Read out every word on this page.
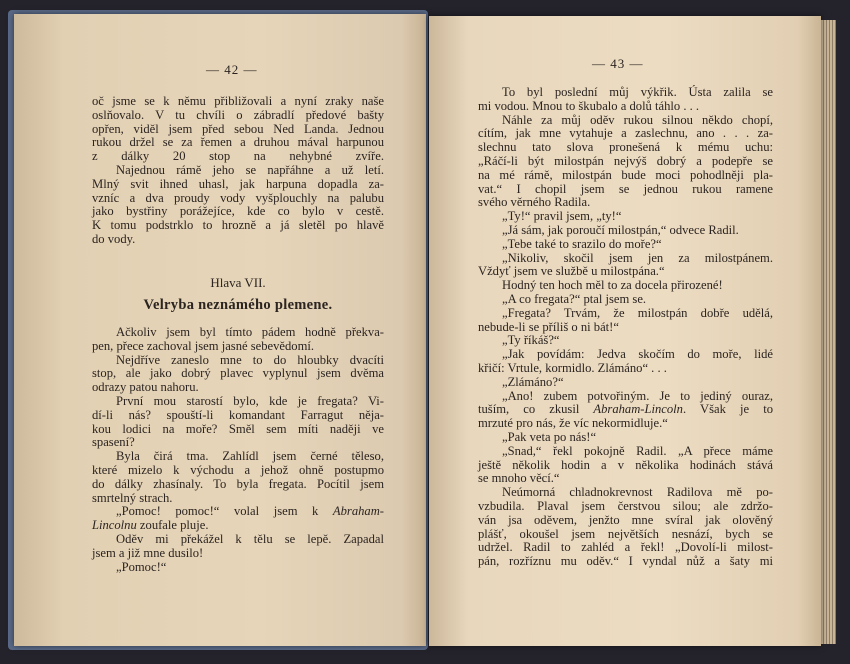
— 42 —
oč jsme se k němu přibližovali a nyní zraky naše
oslňovalo. V tu chvíli o zábradlí předové bašty
opřen, viděl jsem před sebou Ned Landa. Jednou
rukou držel se za řemen a druhou mával harpunou
z dálky 20 stop na nehybné zvíře.
Najednou rámě jeho se napřáhne a už letí.
Mlný svit ihned uhasl, jak harpuna dopadla za-
vzníc a dva proudy vody vyšplouchly na palubu
jako bystřiny porážejíce, kde co bylo v cestě.
K tomu podstrklo to hrozně a já sletěl po hlavě
do vody.
Hlava VII.
Velryba neznámého plemene.
Ačkoliv jsem byl tímto pádem hodně překva-
pen, přece zachoval jsem jasné sebevědomí.
Nejdříve zaneslo mne to do hloubky dvacíti
stop, ale jako dobrý plavec vyplynul jsem dvěma
odrazy patou nahoru.
První mou starostí bylo, kde je fregata? Vi-
dí-li nás? spouští-li komandant Farragut něja-
kou lodici na moře? Směl sem míti naději ve
spasení?
Byla čirá tma. Zahlídl jsem černé těleso,
které mizelo k východu a jehož ohně postupmo
do dálky zhasínaly. To byla fregata. Pocítil jsem
smrtelný strach.
„Pomoc! pomoc!“ volal jsem k Abraham-
Lincolnu zoufale pluje.
Oděv mi překážel k tělu se lepě. Zapadal
jsem a již mne dusilo!
„Pomoc!“
— 43 —
To byl poslední můj výkřik. Ústa zalila se
mi vodou. Mnou to škubalo a dolů táhlo . . .
Náhle za můj oděv rukou silnou někdo chopí,
cítím, jak mne vytahuje a zaslechnu, ano . . . za-
slechnu tato slova pronešená k mému uchu:
„Ráčí-li být milostpán nejvýš dobrý a podepře se
na mé rámě, milostpán bude moci pohodlněji pla-
vat.“ I chopil jsem se jednou rukou ramene
svého věrného Radila.
„Ty!“ pravil jsem, „ty!“
„Já sám, jak poroučí milostpán,“ odvece Radil.
„Tebe také to srazilo do moře?“
„Nikoliv, skočil jsem jen za milostpánem.
Vždyť jsem ve službě u milostpána.“
Hodný ten hoch měl to za docela přirozené!
„A co fregata?“ ptal jsem se.
„Fregata? Trvám, že milostpán dobře udělá,
nebude-li se příliš o ni bát!“
„Ty říkáš?“
„Jak povídám: Jedva skočím do moře, lidé
křičí: Vrtule, kormidlo. Zlámáno“ . . .
„Zlámáno?“
„Ano! zubem potvořiným. Je to jediný ouraz,
tuším, co zkusil Abraham-Lincoln. Však je to
mrzuté pro nás, že víc nekormidluje.“
„Pak veta po nás!“
„Snad,“ řekl pokojně Radil. „A přece máme
ještě několik hodin a v několika hodinách stává
se mnoho věcí.“
Neúmorná chladnokrevnost Radilova mě po-
vzbudila. Plaval jsem čerstvou silou; ale zdržo-
ván jsa oděvem, jenžto mne svíral jak olověný
plášť, okoušel jsem největších nesnází, bych se
udržel. Radil to zahléd a řekl! „Dovolí-li milost-
pán, rozříznu mu oděv.“ I vyndal nůž a šaty mi
